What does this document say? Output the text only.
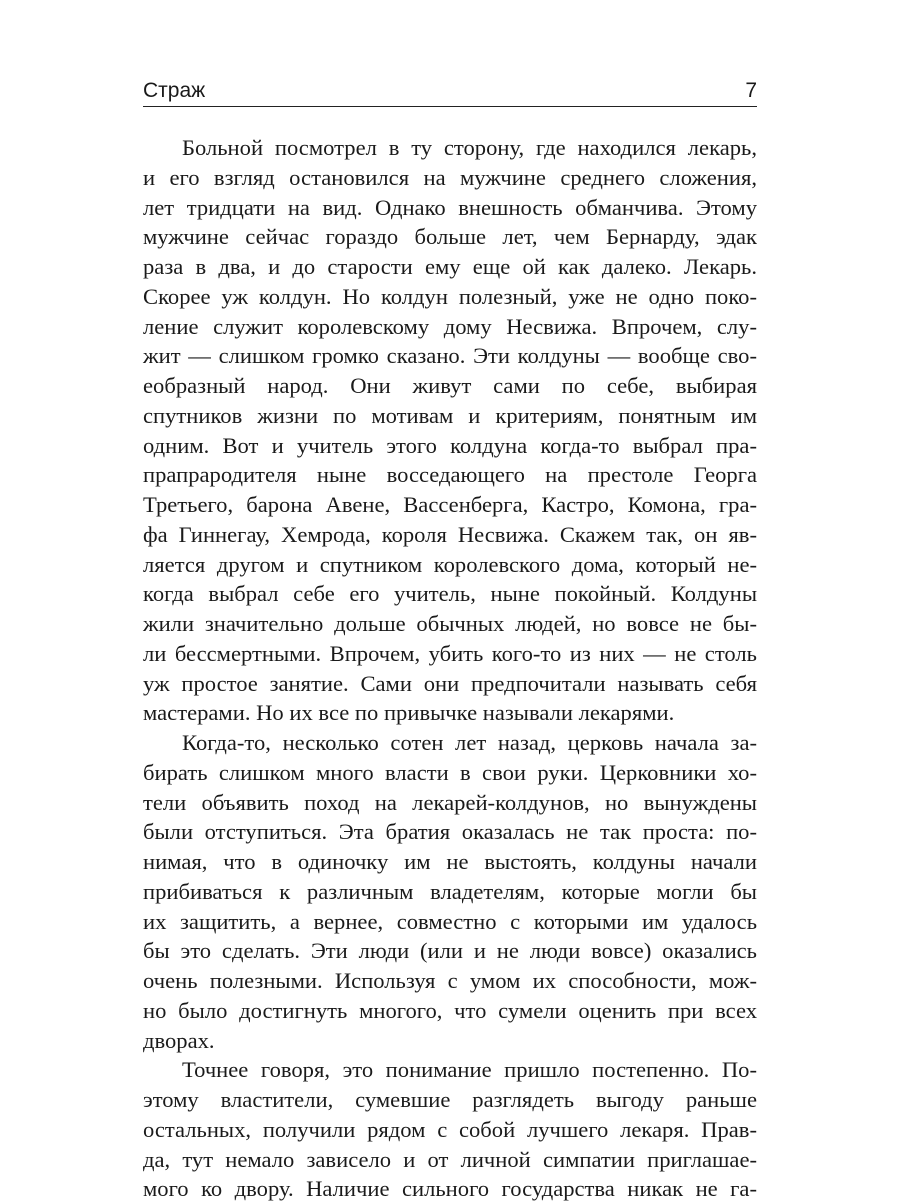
Страж	7
Больной посмотрел в ту сторону, где находился лекарь,
и его взгляд остановился на мужчине среднего сложения,
лет тридцати на вид. Однако внешность обманчива. Этому
мужчине сейчас гораздо больше лет, чем Бернарду, эдак
раза в два, и до старости ему еще ой как далеко. Лекарь.
Скорее уж колдун. Но колдун полезный, уже не одно поко-
ление служит королевскому дому Несвижа. Впрочем, слу-
жит — слишком громко сказано. Эти колдуны — вообще сво-
еобразный народ. Они живут сами по себе, выбирая
спутников жизни по мотивам и критериям, понятным им
одним. Вот и учитель этого колдуна когда-то выбрал пра-
прапрародителя ныне восседающего на престоле Георга
Третьего, барона Авене, Вассенберга, Кастро, Комона, гра-
фа Гиннегау, Хемрода, короля Несвижа. Скажем так, он яв-
ляется другом и спутником королевского дома, который не-
когда выбрал себе его учитель, ныне покойный. Колдуны
жили значительно дольше обычных людей, но вовсе не бы-
ли бессмертными. Впрочем, убить кого-то из них — не столь
уж простое занятие. Сами они предпочитали называть себя
мастерами. Но их все по привычке называли лекарями.
Когда-то, несколько сотен лет назад, церковь начала за-
бирать слишком много власти в свои руки. Церковники хо-
тели объявить поход на лекарей-колдунов, но вынуждены
были отступиться. Эта братия оказалась не так проста: по-
нимая, что в одиночку им не выстоять, колдуны начали
прибиваться к различным владетелям, которые могли бы
их защитить, а вернее, совместно с которыми им удалось
бы это сделать. Эти люди (или и не люди вовсе) оказались
очень полезными. Используя с умом их способности, мож-
но было достигнуть многого, что сумели оценить при всех
дворах.
Точнее говоря, это понимание пришло постепенно. По-
этому властители, сумевшие разглядеть выгоду раньше
остальных, получили рядом с собой лучшего лекаря. Прав-
да, тут немало зависело и от личной симпатии приглашае-
мого ко двору. Наличие сильного государства никак не га-
